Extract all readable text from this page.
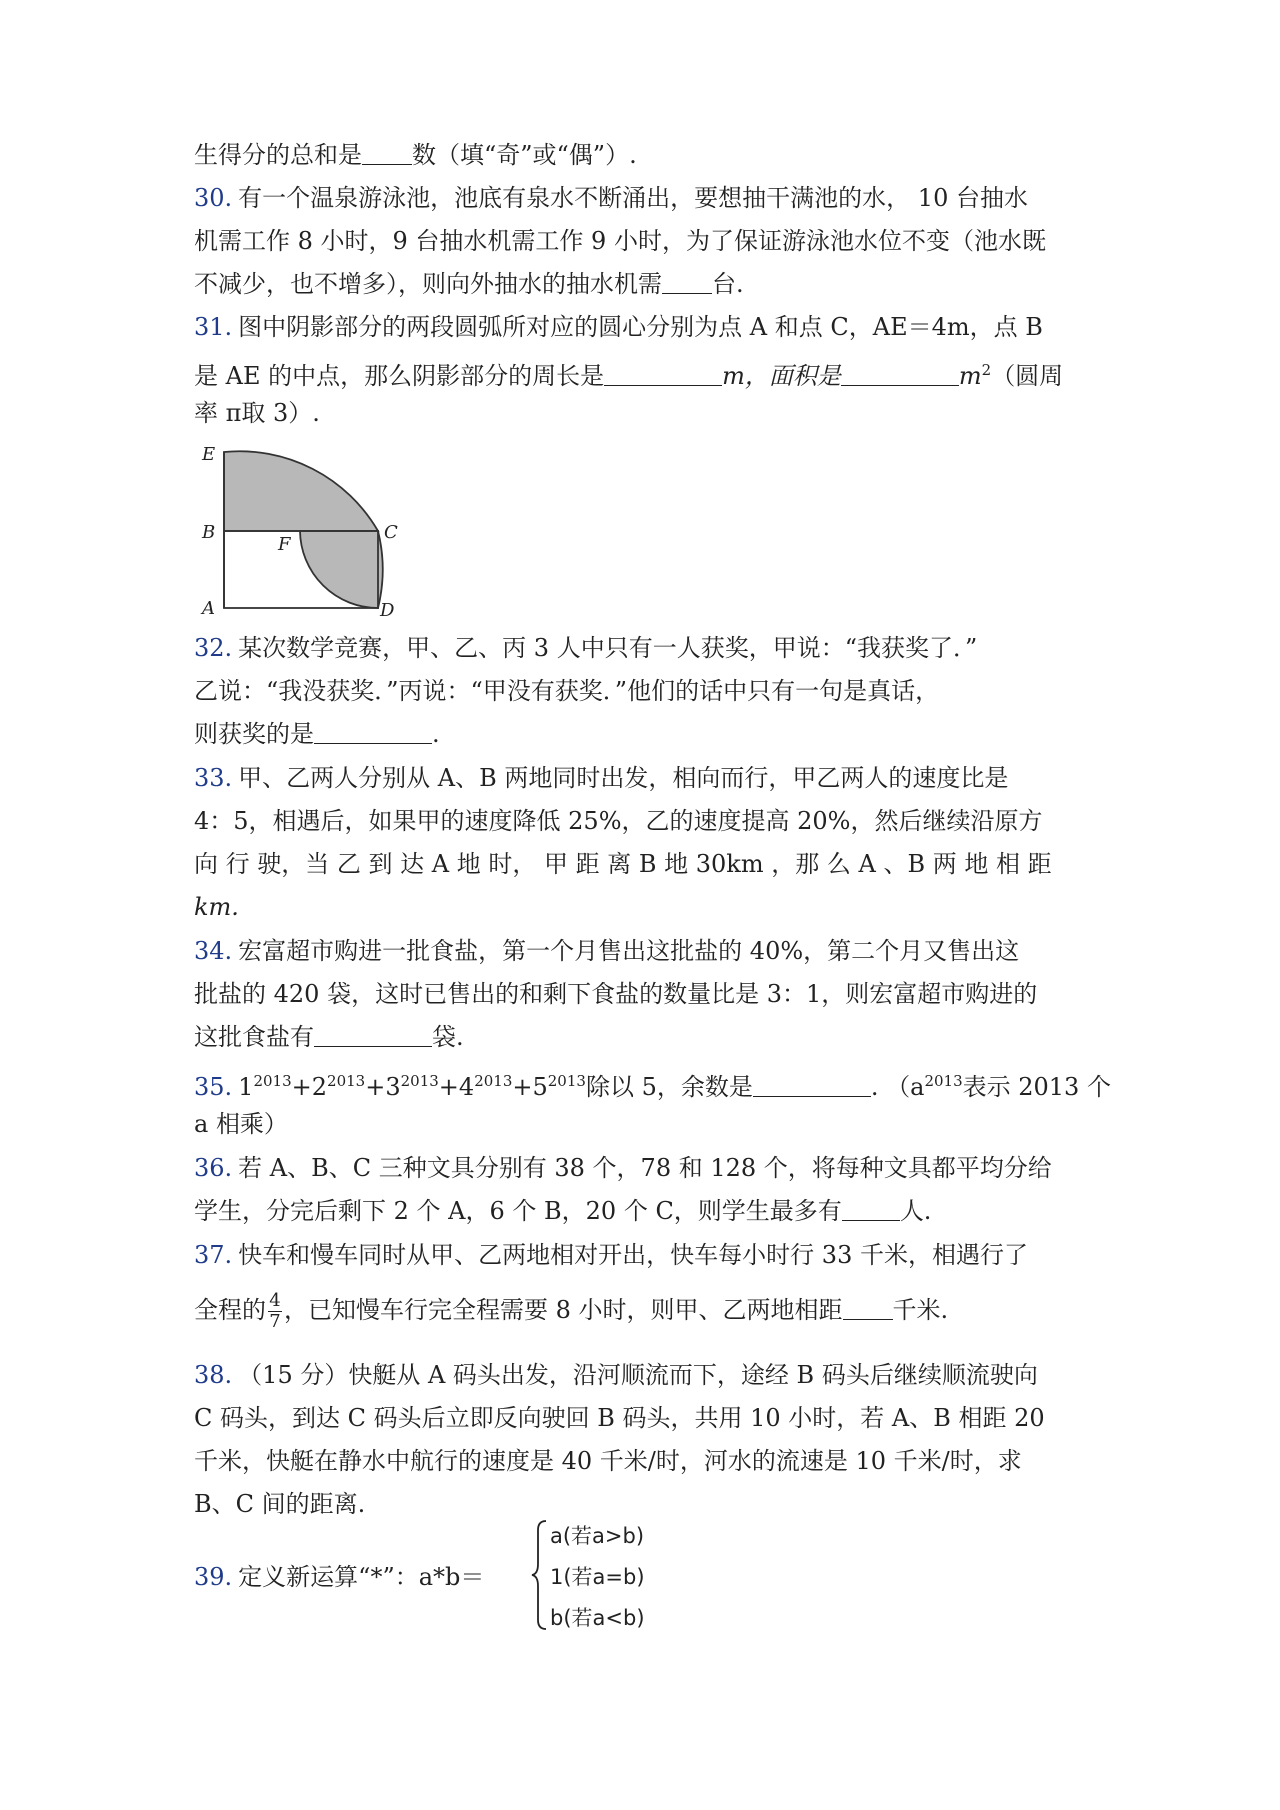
生得分的总和是 数（填“奇”或“偶”）.
30. 有一个温泉游泳池，池底有泉水不断涌出，要想抽干满池的水， 10 台抽水
机需工作 8 小时，9 台抽水机需工作 9 小时，为了保证游泳池水位不变（池水既
不减少，也不增多），则向外抽水的抽水机需 台.
31. 图中阴影部分的两段圆弧所对应的圆心分别为点 A 和点 C，AE＝4m，点 B
是 AE 的中点，那么阴影部分的周长是	m，面积是	$m^2$（圆周
率 π取 3）.
E
B	C
F
A	D
32. 某次数学竞赛，甲、乙、丙 3 人中只有一人获奖，甲说：“我获奖了．”
乙说：“我没获奖．”丙说：“甲没有获奖．”他们的话中只有一句是真话，
则获奖的是	.
33. 甲、乙两人分别从 A、B 两地同时出发，相向而行，甲乙两人的速度比是
4：5，相遇后，如果甲的速度降低 25%，乙的速度提高 20%，然后继续沿原方
向 行 驶，当 乙 到 达 A 地 时， 甲 距 离 B 地 30km ，那 么 A 、B 两 地 相 距
km.
34. 宏富超市购进一批食盐，第一个月售出这批盐的 40%，第二个月又售出这
批盐的 420 袋，这时已售出的和剩下食盐的数量比是 3：1，则宏富超市购进的
这批食盐有	袋.
35. $1^{2013}+2^{2013}+3^{2013}+4^{2013}+5^{2013}$除以 5，余数是	. （$a^{2013}$表示 2013 个
a 相乘）
36. 若 A、B、C 三种文具分别有 38 个，78 和 128 个，将每种文具都平均分给
学生，分完后剩下 2 个 A，6 个 B，20 个 C，则学生最多有 人.
37. 快车和慢车同时从甲、乙两地相对开出，快车每小时行 33 千米，相遇行了
全程的 $\frac{4}{7}$ ，已知慢车行完全程需要 8 小时，则甲、乙两地相距 千米.
38. （15 分）快艇从 A 码头出发，沿河顺流而下，途经 B 码头后继续顺流驶向
C 码头，到达 C 码头后立即反向驶回 B 码头，共用 10 小时，若 A、B 相距 20
千米，快艇在静水中航行的速度是 40 千米/时，河水的流速是 10 千米/时，求
B、C 间的距离.
39. 定义新运算“*”：a*b＝
a(若a>b)
1(若a=b)
b(若a<b)
